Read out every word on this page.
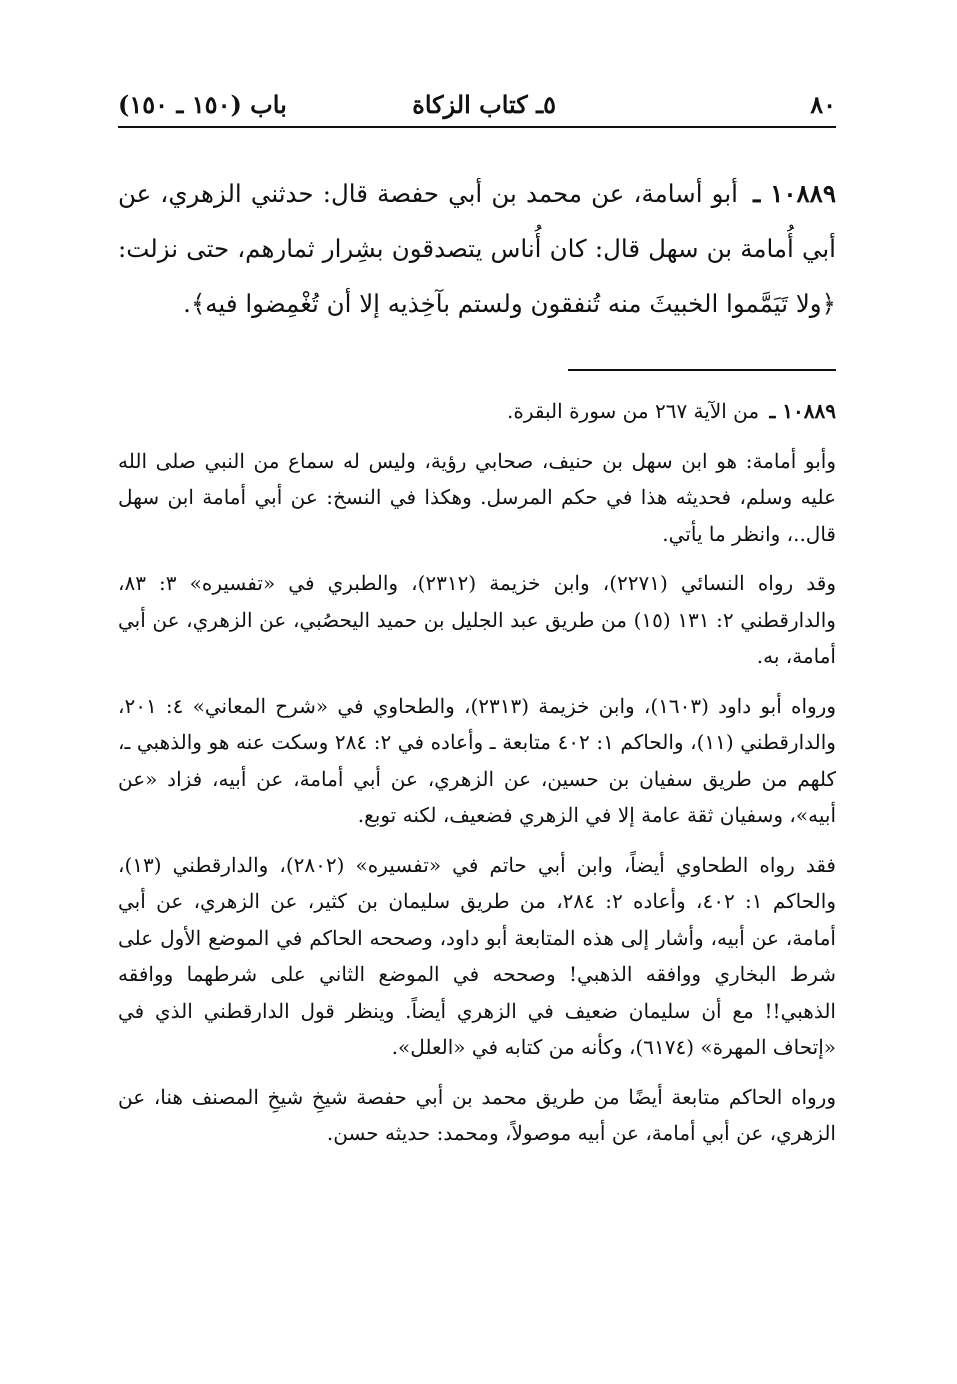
٨٠
٥ـ كتاب الزكاة
باب (١٥٠ ـ ١٥٠)
١٠٨٨٩ ـ أبو أسامة، عن محمد بن أبي حفصة قال: حدثني الزهري، عن أبي أُمامة بن سهل قال: كان أُناس يتصدقون بشِرار ثمارهم، حتى نزلت: ﴿ولا تَيَمَّموا الخبيثَ منه تُنفقون ولستم بآخِذيه إلا أن تُغْمِضوا فيه﴾.

١٠٨٨٩ ـ من الآية ٢٦٧ من سورة البقرة.

وأبو أمامة: هو ابن سهل بن حنيف، صحابي رؤية، وليس له سماع من النبي صلى الله عليه وسلم، فحديثه هذا في حكم المرسل. وهكذا في النسخ: عن أبي أمامة ابن سهل قال..، وانظر ما يأتي.

وقد رواه النسائي (٢٢٧١)، وابن خزيمة (٢٣١٢)، والطبري في «تفسيره» ٣: ٨٣، والدارقطني ٢: ١٣١ (١٥) من طريق عبد الجليل بن حميد اليحصُبي، عن الزهري، عن أبي أمامة، به.

ورواه أبو داود (١٦٠٣)، وابن خزيمة (٢٣١٣)، والطحاوي في «شرح المعاني» ٤: ٢٠١، والدارقطني (١١)، والحاكم ١: ٤٠٢ متابعة ـ وأعاده في ٢: ٢٨٤ وسكت عنه هو والذهبي ـ، كلهم من طريق سفيان بن حسين، عن الزهري، عن أبي أمامة، عن أبيه، فزاد «عن أبيه»، وسفيان ثقة عامة إلا في الزهري فضعيف، لكنه توبع.

فقد رواه الطحاوي أيضاً، وابن أبي حاتم في «تفسيره» (٢٨٠٢)، والدارقطني (١٣)، والحاكم ١: ٤٠٢، وأعاده ٢: ٢٨٤، من طريق سليمان بن كثير، عن الزهري، عن أبي أمامة، عن أبيه، وأشار إلى هذه المتابعة أبو داود، وصححه الحاكم في الموضع الأول على شرط البخاري ووافقه الذهبي! وصححه في الموضع الثاني على شرطهما ووافقه الذهبي!! مع أن سليمان ضعيف في الزهري أيضاً. وينظر قول الدارقطني الذي في «إتحاف المهرة» (٦١٧٤)، وكأنه من كتابه في «العلل».

ورواه الحاكم متابعة أيضًا من طريق محمد بن أبي حفصة شيخِ شيخِ المصنف هنا، عن الزهري، عن أبي أمامة، عن أبيه موصولاً، ومحمد: حديثه حسن.
